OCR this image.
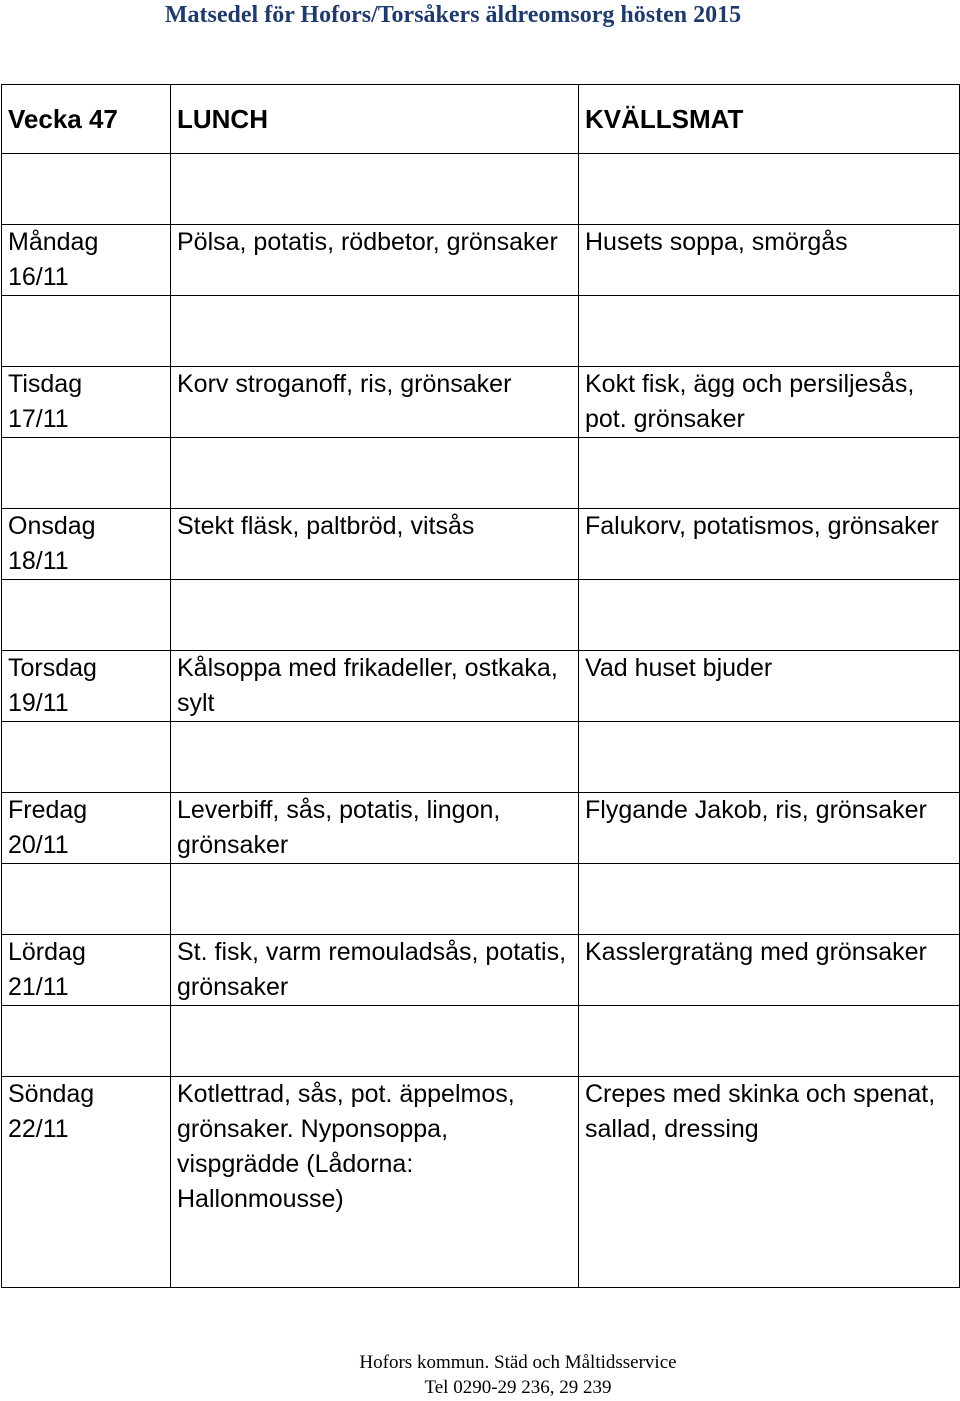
Matsedel för Hofors/Torsåkers äldreomsorg hösten 2015
Vecka 47	LUNCH	KVÄLLSMAT

Måndag
16/11	Pölsa, potatis, rödbetor, grönsaker	Husets soppa, smörgås

Tisdag
17/11	Korv stroganoff, ris, grönsaker	Kokt fisk, ägg och persiljesås, pot. grönsaker

Onsdag
18/11	Stekt fläsk, paltbröd, vitsås	Falukorv, potatismos, grönsaker

Torsdag
19/11	Kålsoppa med frikadeller, ostkaka, sylt	Vad huset bjuder

Fredag
20/11	Leverbiff, sås, potatis, lingon, grönsaker	Flygande Jakob, ris, grönsaker

Lördag
21/11	St. fisk, varm remouladsås, potatis, grönsaker	Kasslergratäng med grönsaker

Söndag
22/11	Kotlettrad, sås, pot. äppelmos, grönsaker. Nyponsoppa, vispgrädde (Lådorna: Hallonmousse)	Crepes med skinka och spenat, sallad, dressing
Hofors kommun. Städ och Måltidsservice
Tel 0290-29 236, 29 239
